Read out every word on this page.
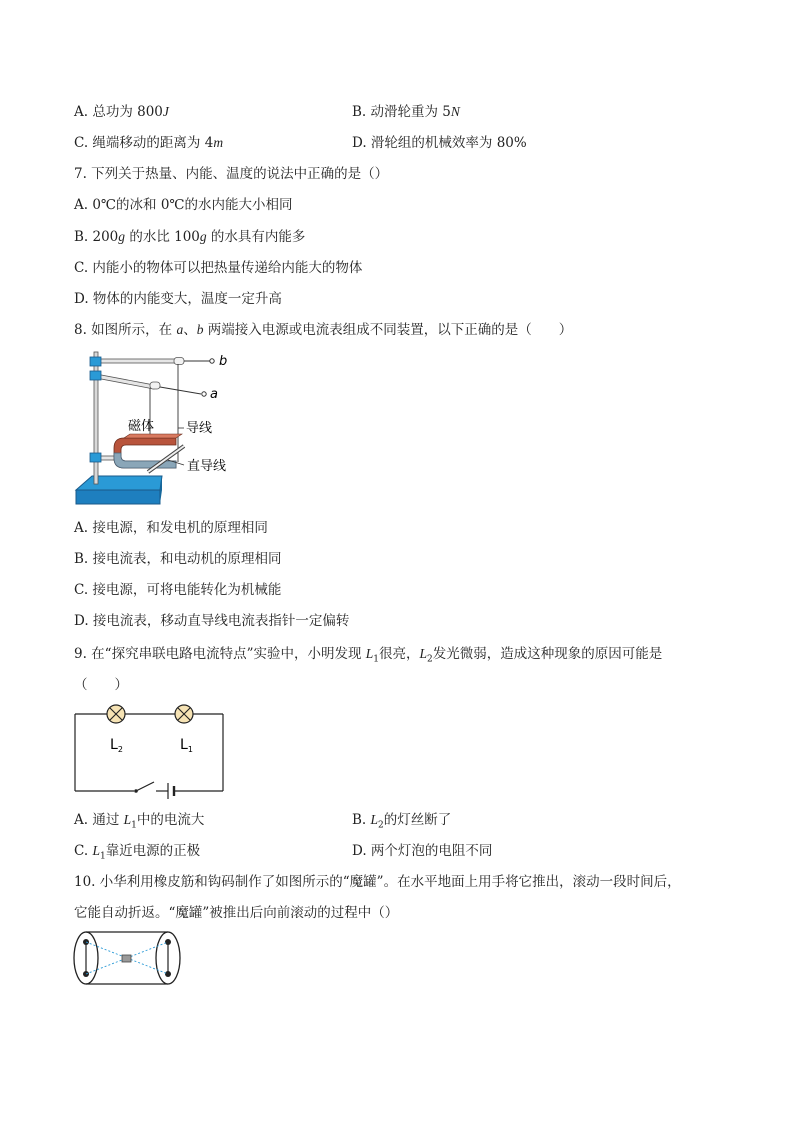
A. 总功为 800J	B. 动滑轮重为 5N
C. 绳端移动的距离为 4m	D. 滑轮组的机械效率为 80%
7. 下列关于热量、内能、温度的说法中正确的是（）
A. 0℃的冰和 0℃的水内能大小相同
B. 200g 的水比 100g 的水具有内能多
C. 内能小的物体可以把热量传递给内能大的物体
D. 物体的内能变大，温度一定升高
8. 如图所示，在 a、b 两端接入电源或电流表组成不同装置，以下正确的是（　　）
b
a
导线
磁体
直导线
A. 接电源，和发电机的原理相同
B. 接电流表，和电动机的原理相同
C. 接电源，可将电能转化为机械能
D. 接电流表，移动直导线电流表指针一定偏转
9. 在“探究串联电路电流特点”实验中，小明发现 $L_1$很亮，$L_2$发光微弱，造成这种现象的原因可能是
（　　）
$L_2$	$L_1$
A. 通过 $L_1$中的电流大	B. $L_2$的灯丝断了
C. $L_1$靠近电源的正极	D. 两个灯泡的电阻不同
10. 小华利用橡皮筋和钩码制作了如图所示的“魔罐”。在水平地面上用手将它推出，滚动一段时间后，
它能自动折返。“魔罐”被推出后向前滚动的过程中（）
